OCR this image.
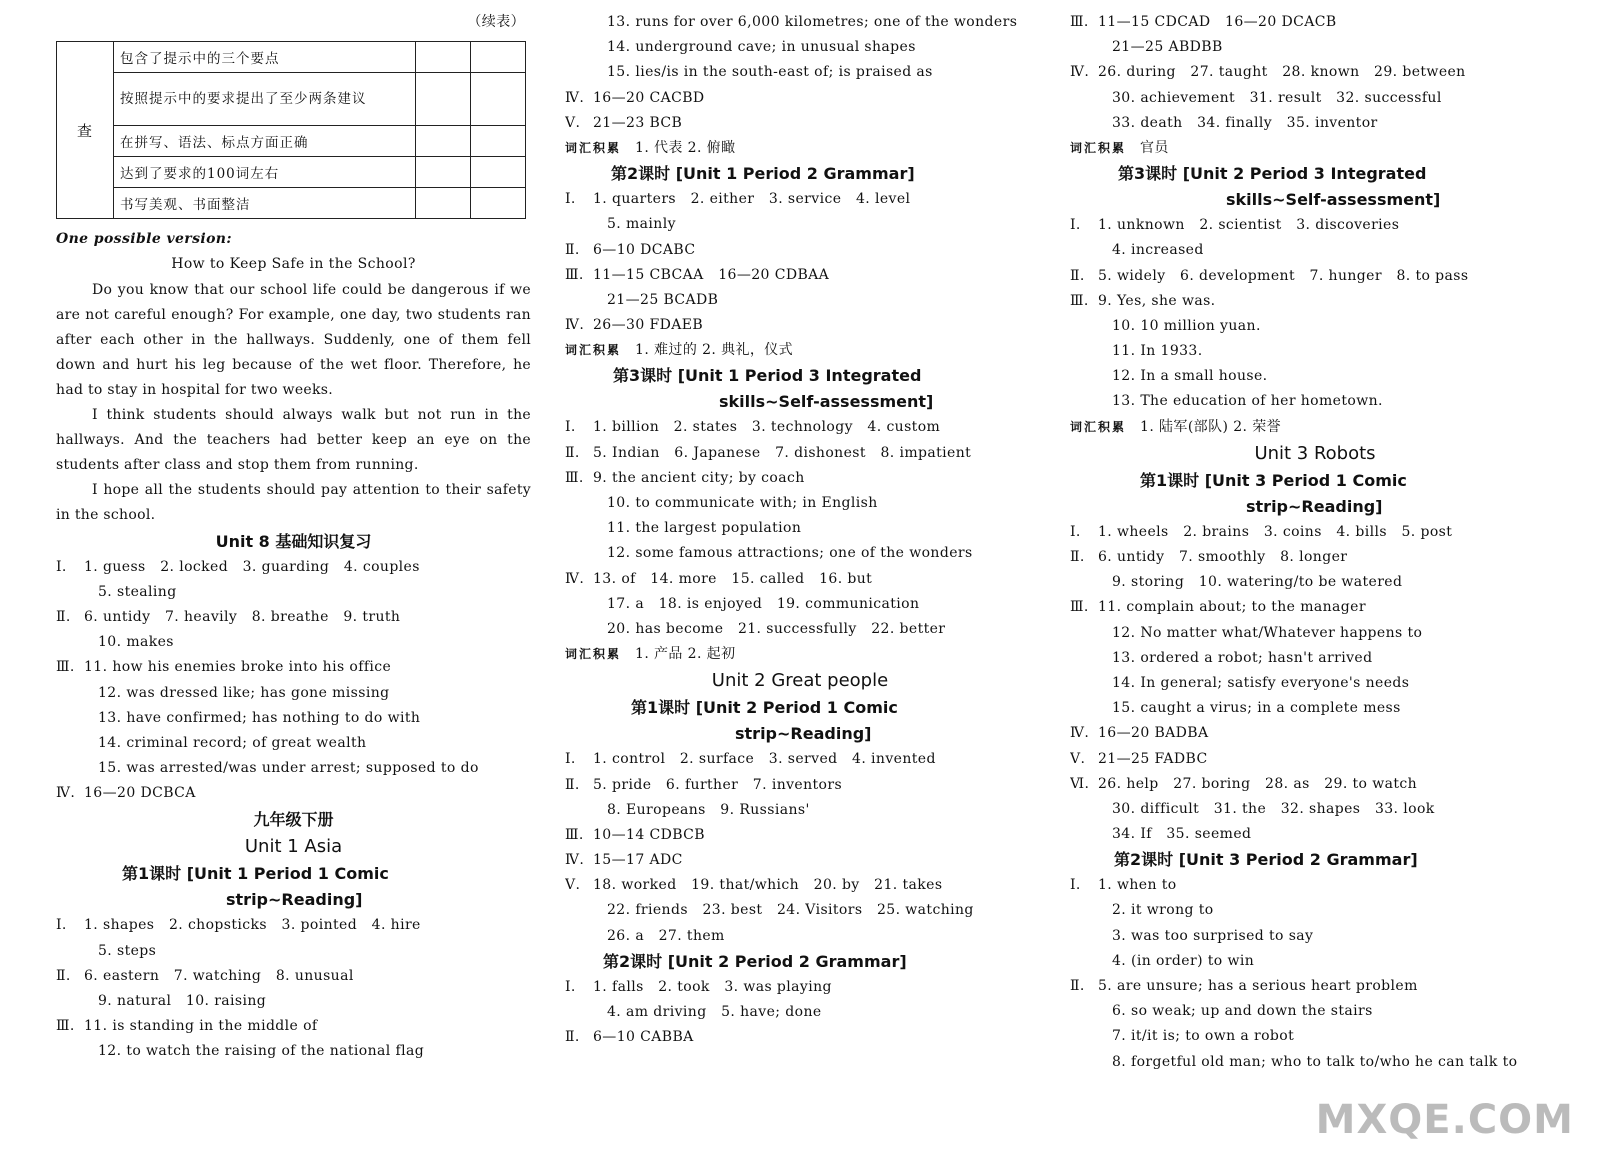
（续表）
查	包含了提示中的三个要点		
	按照提示中的要求提出了至少两条建议		
	在拼写、语法、标点方面正确		
	达到了要求的100词左右		
	书写美观、书面整洁		
One possible version:
How to Keep Safe in the School?

Do you know that our school life could be dangerous if we are not careful enough? For example, one day, two students ran after each other in the hallways. Suddenly, one of them fell down and hurt his leg because of the wet floor. Therefore, he had to stay in hospital for two weeks.

I think students should always walk but not run in the hallways. And the teachers had better keep an eye on the students after class and stop them from running.

I hope all the students should pay attention to their safety in the school.

Unit 8 基础知识复习
Ⅰ. 1. guess   2. locked   3. guarding   4. couples
5. stealing
Ⅱ. 6. untidy   7. heavily   8. breathe   9. truth
10. makes
Ⅲ. 11. how his enemies broke into his office
12. was dressed like; has gone missing
13. have confirmed; has nothing to do with
14. criminal record; of great wealth
15. was arrested/was under arrest; supposed to do
Ⅳ. 16—20 DCBCA
九年级下册
Unit 1 Asia
第1课时 [Unit 1 Period 1 Comic
strip~Reading]
Ⅰ. 1. shapes   2. chopsticks   3. pointed   4. hire
5. steps
Ⅱ. 6. eastern   7. watching   8. unusual
9. natural   10. raising
Ⅲ. 11. is standing in the middle of
12. to watch the raising of the national flag
13. runs for over 6,000 kilometres; one of the wonders
14. underground cave; in unusual shapes
15. lies/is in the south-east of; is praised as
Ⅳ. 16—20 CACBD
Ⅴ. 21—23 BCB
词汇积累 1. 代表 2. 俯瞰
第2课时 [Unit 1 Period 2 Grammar]
Ⅰ. 1. quarters   2. either   3. service   4. level
5. mainly
Ⅱ. 6—10 DCABC
Ⅲ. 11—15 CBCAA   16—20 CDBAA
21—25 BCADB
Ⅳ. 26—30 FDAEB
词汇积累 1. 难过的 2. 典礼，仪式
第3课时 [Unit 1 Period 3 Integrated
skills~Self-assessment]
Ⅰ. 1. billion   2. states   3. technology   4. custom
Ⅱ. 5. Indian   6. Japanese   7. dishonest   8. impatient
Ⅲ. 9. the ancient city; by coach
10. to communicate with; in English
11. the largest population
12. some famous attractions; one of the wonders
Ⅳ. 13. of   14. more   15. called   16. but
17. a   18. is enjoyed   19. communication
20. has become   21. successfully   22. better
词汇积累 1. 产品 2. 起初
Unit 2 Great people
第1课时 [Unit 2 Period 1 Comic
strip~Reading]
Ⅰ. 1. control   2. surface   3. served   4. invented
Ⅱ. 5. pride   6. further   7. inventors
8. Europeans   9. Russians'
Ⅲ. 10—14 CDBCB
Ⅳ. 15—17 ADC
Ⅴ. 18. worked   19. that/which   20. by   21. takes
22. friends   23. best   24. Visitors   25. watching
26. a   27. them
第2课时 [Unit 2 Period 2 Grammar]
Ⅰ. 1. falls   2. took   3. was playing
4. am driving   5. have; done
Ⅱ. 6—10 CABBA
Ⅲ. 11—15 CDCAD   16—20 DCACB
21—25 ABDBB
Ⅳ. 26. during   27. taught   28. known   29. between
30. achievement   31. result   32. successful
33. death   34. finally   35. inventor
词汇积累 官员
第3课时 [Unit 2 Period 3 Integrated
skills~Self-assessment]
Ⅰ. 1. unknown   2. scientist   3. discoveries
4. increased
Ⅱ. 5. widely   6. development   7. hunger   8. to pass
Ⅲ. 9. Yes, she was.
10. 10 million yuan.
11. In 1933.
12. In a small house.
13. The education of her hometown.
词汇积累 1. 陆军(部队) 2. 荣誉
Unit 3 Robots
第1课时 [Unit 3 Period 1 Comic
strip~Reading]
Ⅰ. 1. wheels   2. brains   3. coins   4. bills   5. post
Ⅱ. 6. untidy   7. smoothly   8. longer
9. storing   10. watering/to be watered
Ⅲ. 11. complain about; to the manager
12. No matter what/Whatever happens to
13. ordered a robot; hasn't arrived
14. In general; satisfy everyone's needs
15. caught a virus; in a complete mess
Ⅳ. 16—20 BADBA
Ⅴ. 21—25 FADBC
Ⅵ. 26. help   27. boring   28. as   29. to watch
30. difficult   31. the   32. shapes   33. look
34. If   35. seemed
第2课时 [Unit 3 Period 2 Grammar]
Ⅰ. 1. when to
2. it wrong to
3. was too surprised to say
4. (in order) to win
Ⅱ. 5. are unsure; has a serious heart problem
6. so weak; up and down the stairs
7. it/it is; to own a robot
8. forgetful old man; who to talk to/who he can talk to
MXQE.COM
